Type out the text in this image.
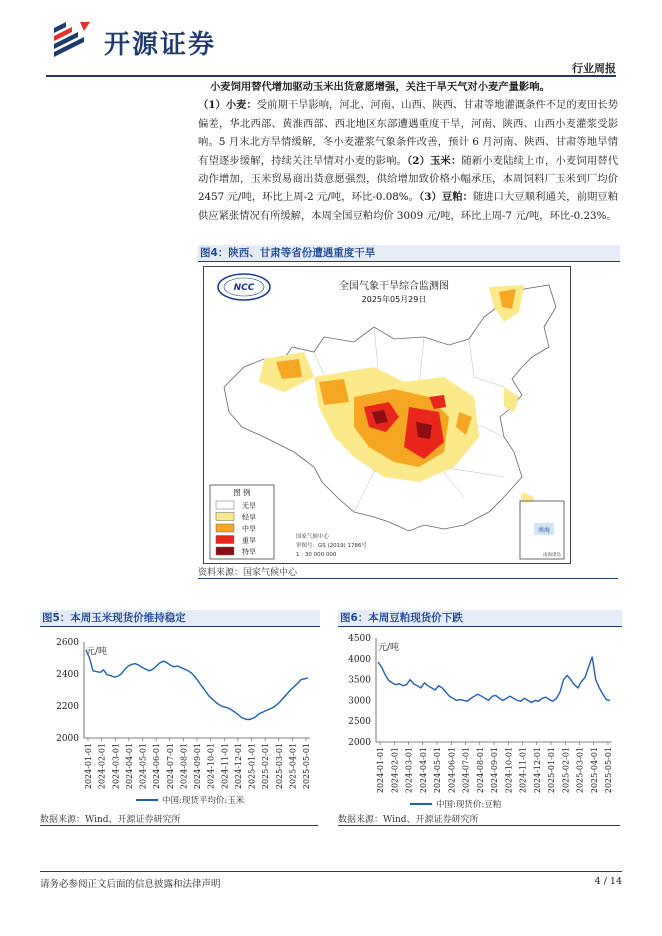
开源证券
行业周报
小麦饲用替代增加驱动玉米出货意愿增强，关注干旱天气对小麦产量影响。
（1）小麦：受前期干旱影响，河北、河南、山西、陕西、甘肃等地灌溉条件不足的麦田长势偏差，华北西部、黄淮西部、西北地区东部遭遇重度干旱，河南、陕西、山西小麦灌浆受影响。5 月末北方旱情缓解，冬小麦灌浆气象条件改善，预计 6 月河南、陕西、甘肃等地旱情有望逐步缓解，持续关注旱情对小麦的影响。（2）玉米：随新小麦陆续上市，小麦饲用替代动作增加，玉米贸易商出货意愿强烈，供给增加致价格小幅承压，本周饲料厂玉米到厂均价 2457 元/吨，环比上周-2 元/吨，环比-0.08%。（3）豆粕：随进口大豆顺利通关，前期豆粕供应紧张情况有所缓解，本周全国豆粕均价 3009 元/吨，环比上周-7 元/吨，环比-0.23%。
图4：陕西、甘肃等省份遭遇重度干旱
NCC	全国气象干旱综合监测图
2025年05月29日
图 例
无旱
轻旱
中旱
重旱
特旱
国家气候中心
审图号：GS (2019) 1786号
1 : 30 000 000
南海
南海诸岛
资料来源：国家气候中心
图5：本周玉米现货价维持稳定
元/吨
2000
2200
2400
2600
2024-01-01 2024-02-01 2024-03-01 2024-04-01 2024-05-01 2024-06-01 2024-07-01 2024-08-01 2024-09-01 2024-10-01 2024-11-01 2024-12-01 2025-01-01 2025-02-01 2025-03-01 2025-04-01 2025-05-01
中国:现货平均价:玉米
数据来源：Wind、开源证券研究所
图6：本周豆粕现货价下跌
元/吨
2000
2500
3000
3500
4000
4500
2024-01-01 2024-02-01 2024-03-01 2024-04-01 2024-05-01 2024-06-01 2024-07-01 2024-08-01 2024-09-01 2024-10-01 2024-11-01 2024-12-01 2025-01-01 2025-02-01 2025-03-01 2025-04-01 2025-05-01
中国:现货价:豆粕
数据来源：Wind、开源证券研究所
请务必参阅正文后面的信息披露和法律声明	4 / 14
